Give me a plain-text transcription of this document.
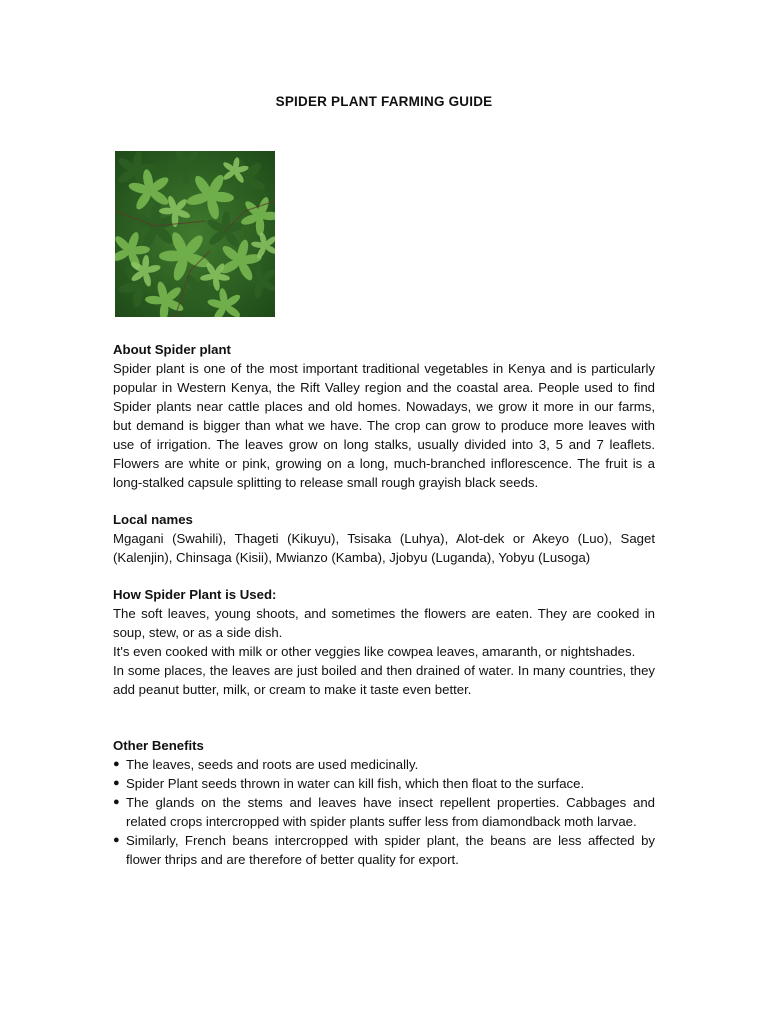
SPIDER PLANT FARMING GUIDE

About Spider plant

Spider plant is one of the most important traditional vegetables in Kenya and is particularly popular in Western Kenya, the Rift Valley region and the coastal area. People used to find Spider plants near cattle places and old homes. Nowadays, we grow it more in our farms, but demand is bigger than what we have. The crop can grow to produce more leaves with use of irrigation. The leaves grow on long stalks, usually divided into 3, 5 and 7 leaflets. Flowers are white or pink, growing on a long, much-branched inflorescence. The fruit is a long-stalked capsule splitting to release small rough grayish black seeds.

Local names

Mgagani (Swahili), Thageti (Kikuyu), Tsisaka (Luhya), Alot-dek or Akeyo (Luo), Saget (Kalenjin), Chinsaga (Kisii), Mwianzo (Kamba), Jjobyu (Luganda), Yobyu (Lusoga)

How Spider Plant is Used:

The soft leaves, young shoots, and sometimes the flowers are eaten. They are cooked in soup, stew, or as a side dish.

It's even cooked with milk or other veggies like cowpea leaves, amaranth, or nightshades.

In some places, the leaves are just boiled and then drained of water. In many countries, they add peanut butter, milk, or cream to make it taste even better.

Other Benefits

● The leaves, seeds and roots are used medicinally.
● Spider Plant seeds thrown in water can kill fish, which then float to the surface.
● The glands on the stems and leaves have insect repellent properties. Cabbages and related crops intercropped with spider plants suffer less from diamondback moth larvae.
● Similarly, French beans intercropped with spider plant, the beans are less affected by flower thrips and are therefore of better quality for export.
